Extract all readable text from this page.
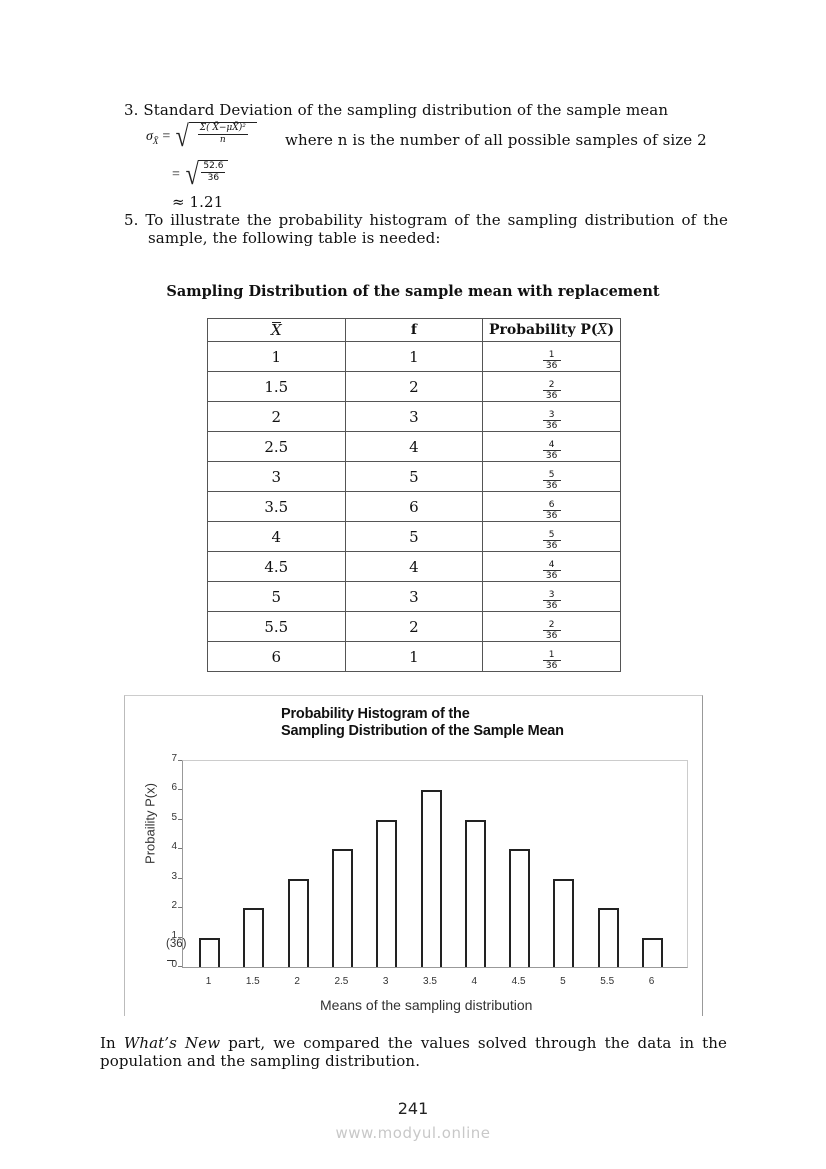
3. Standard Deviation of the sampling distribution of the sample mean
$\sigma_{X̄}$ = √ $\frac{\text{Σ( X̄−μX̄)²}}{n}$ where n is the number of all possible samples of size 2
= √ $\frac{52.6}{36}$
≈ 1.21
5. To illustrate the probability histogram of the sampling distribution of the
sample, the following table is needed:
Sampling Distribution of the sample mean with replacement
X	f	Probability P(X)
1	1	$\frac{1}{36}$

1.5	2	$\frac{2}{36}$

2	3	$\frac{3}{36}$

2.5	4	$\frac{4}{36}$

3	5	$\frac{5}{36}$

3.5	6	$\frac{6}{36}$

4	5	$\frac{5}{36}$

4.5	4	$\frac{4}{36}$

5	3	$\frac{3}{36}$

5.5	2	$\frac{2}{36}$

6	1	$\frac{1}{36}$
Probability Histogram of the
Sampling Distribution of the Sample Mean
Probaility P(x)
(36)
0
1
2
3
4
5
6
7
1	1.5	2	2.5	3	3.5	4	4.5	5	5.5	6
Means of the sampling distribution
In What’s New part, we compared the values solved through the data in the
population and the sampling distribution.
241
www.modyul.online
